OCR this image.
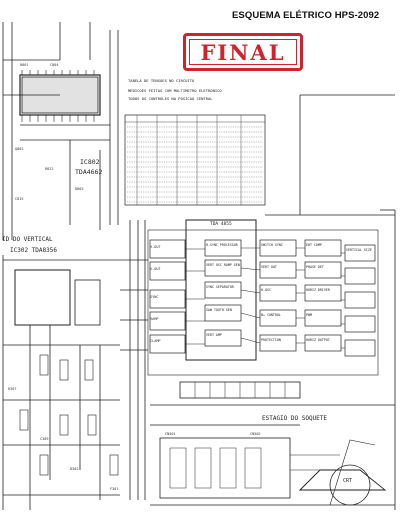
ESQUEMA ELÉTRICO HPS-2092
FINAL
R801	C804
Q802
R822
C815
D803
H-OUT
V-OUT
SYNC
RAMP
CLAMP
R307
C309
D302
F301
CN501	CN502
IC802
TDA4662
ID DO VERTICAL
IC302 TDA8356
TABELA DE TENSOES NO CIRCUITO
MEDICOES FEITAS COM MULTIMETRO ELETRONICO
TODOS OS CONTROLES NA POSICAO CENTRAL
TDA 4855
ESTAGIO DO SOQUETE
H-SYNC PROCESSOR
VERT OSC RAMP GEN
SYNC SEPARATOR
SWITCH SYNC
VERT OUT
SAW TOOTH GEN
H-OSC
EHT COMP
PHASE DET
HORIZ DRIVER
B+ CONTROL
VERT AMP
PWM
PROTECTION	HORIZ OUTPUT
VERTICAL SIZE
CRT
